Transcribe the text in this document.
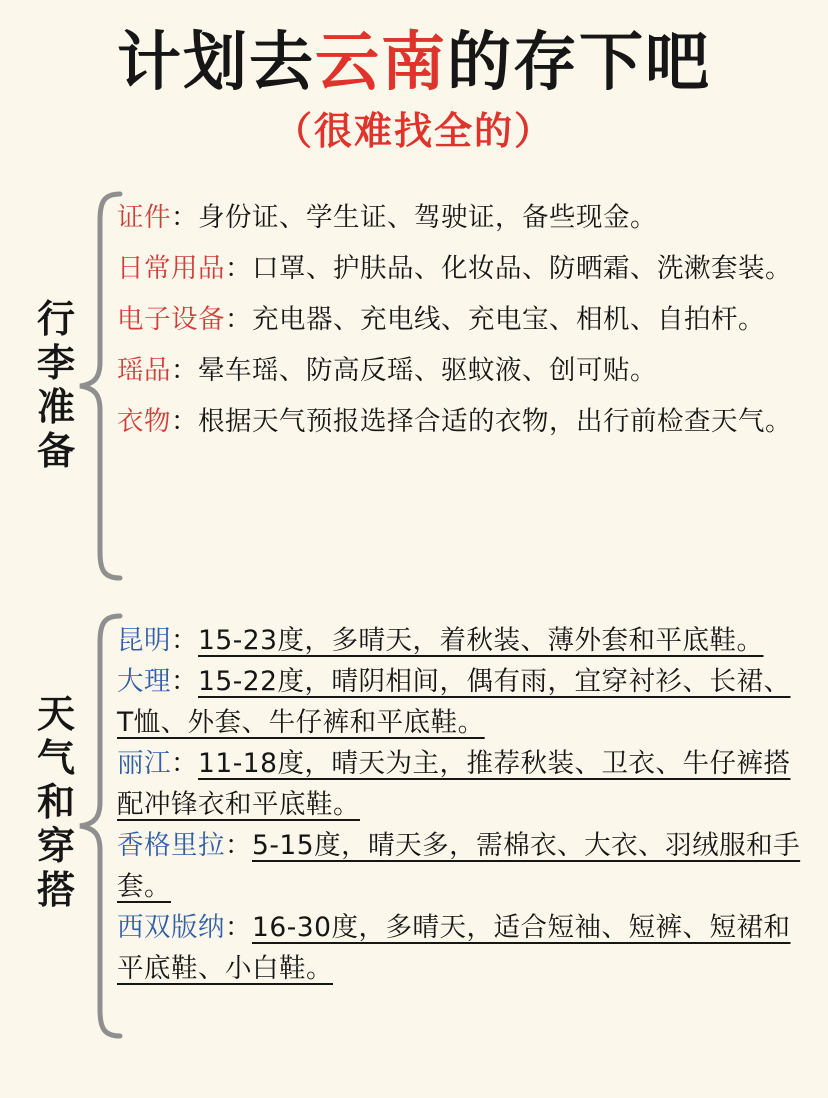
计划去云南的存下吧
（很难找全的）
行李准备
证件：身份证、学生证、驾驶证，备些现金。
日常用品：口罩、护肤品、化妆品、防晒霜、洗漱套装。
电子设备：充电器、充电线、充电宝、相机、自拍杆。
瑶品：晕车瑶、防高反瑶、驱蚊液、创可贴。
衣物：根据天气预报选择合适的衣物，出行前检查天气。
天气和穿搭
昆明：15-23度，多晴天，着秋装、薄外套和平底鞋。
大理：15-22度，晴阴相间，偶有雨，宜穿衬衫、长裙、T恤、外套、牛仔裤和平底鞋。
丽江：11-18度，晴天为主，推荐秋装、卫衣、牛仔裤搭配冲锋衣和平底鞋。
香格里拉：5-15度，晴天多，需棉衣、大衣、羽绒服和手套。
西双版纳：16-30度，多晴天，适合短袖、短裤、短裙和平底鞋、小白鞋。
